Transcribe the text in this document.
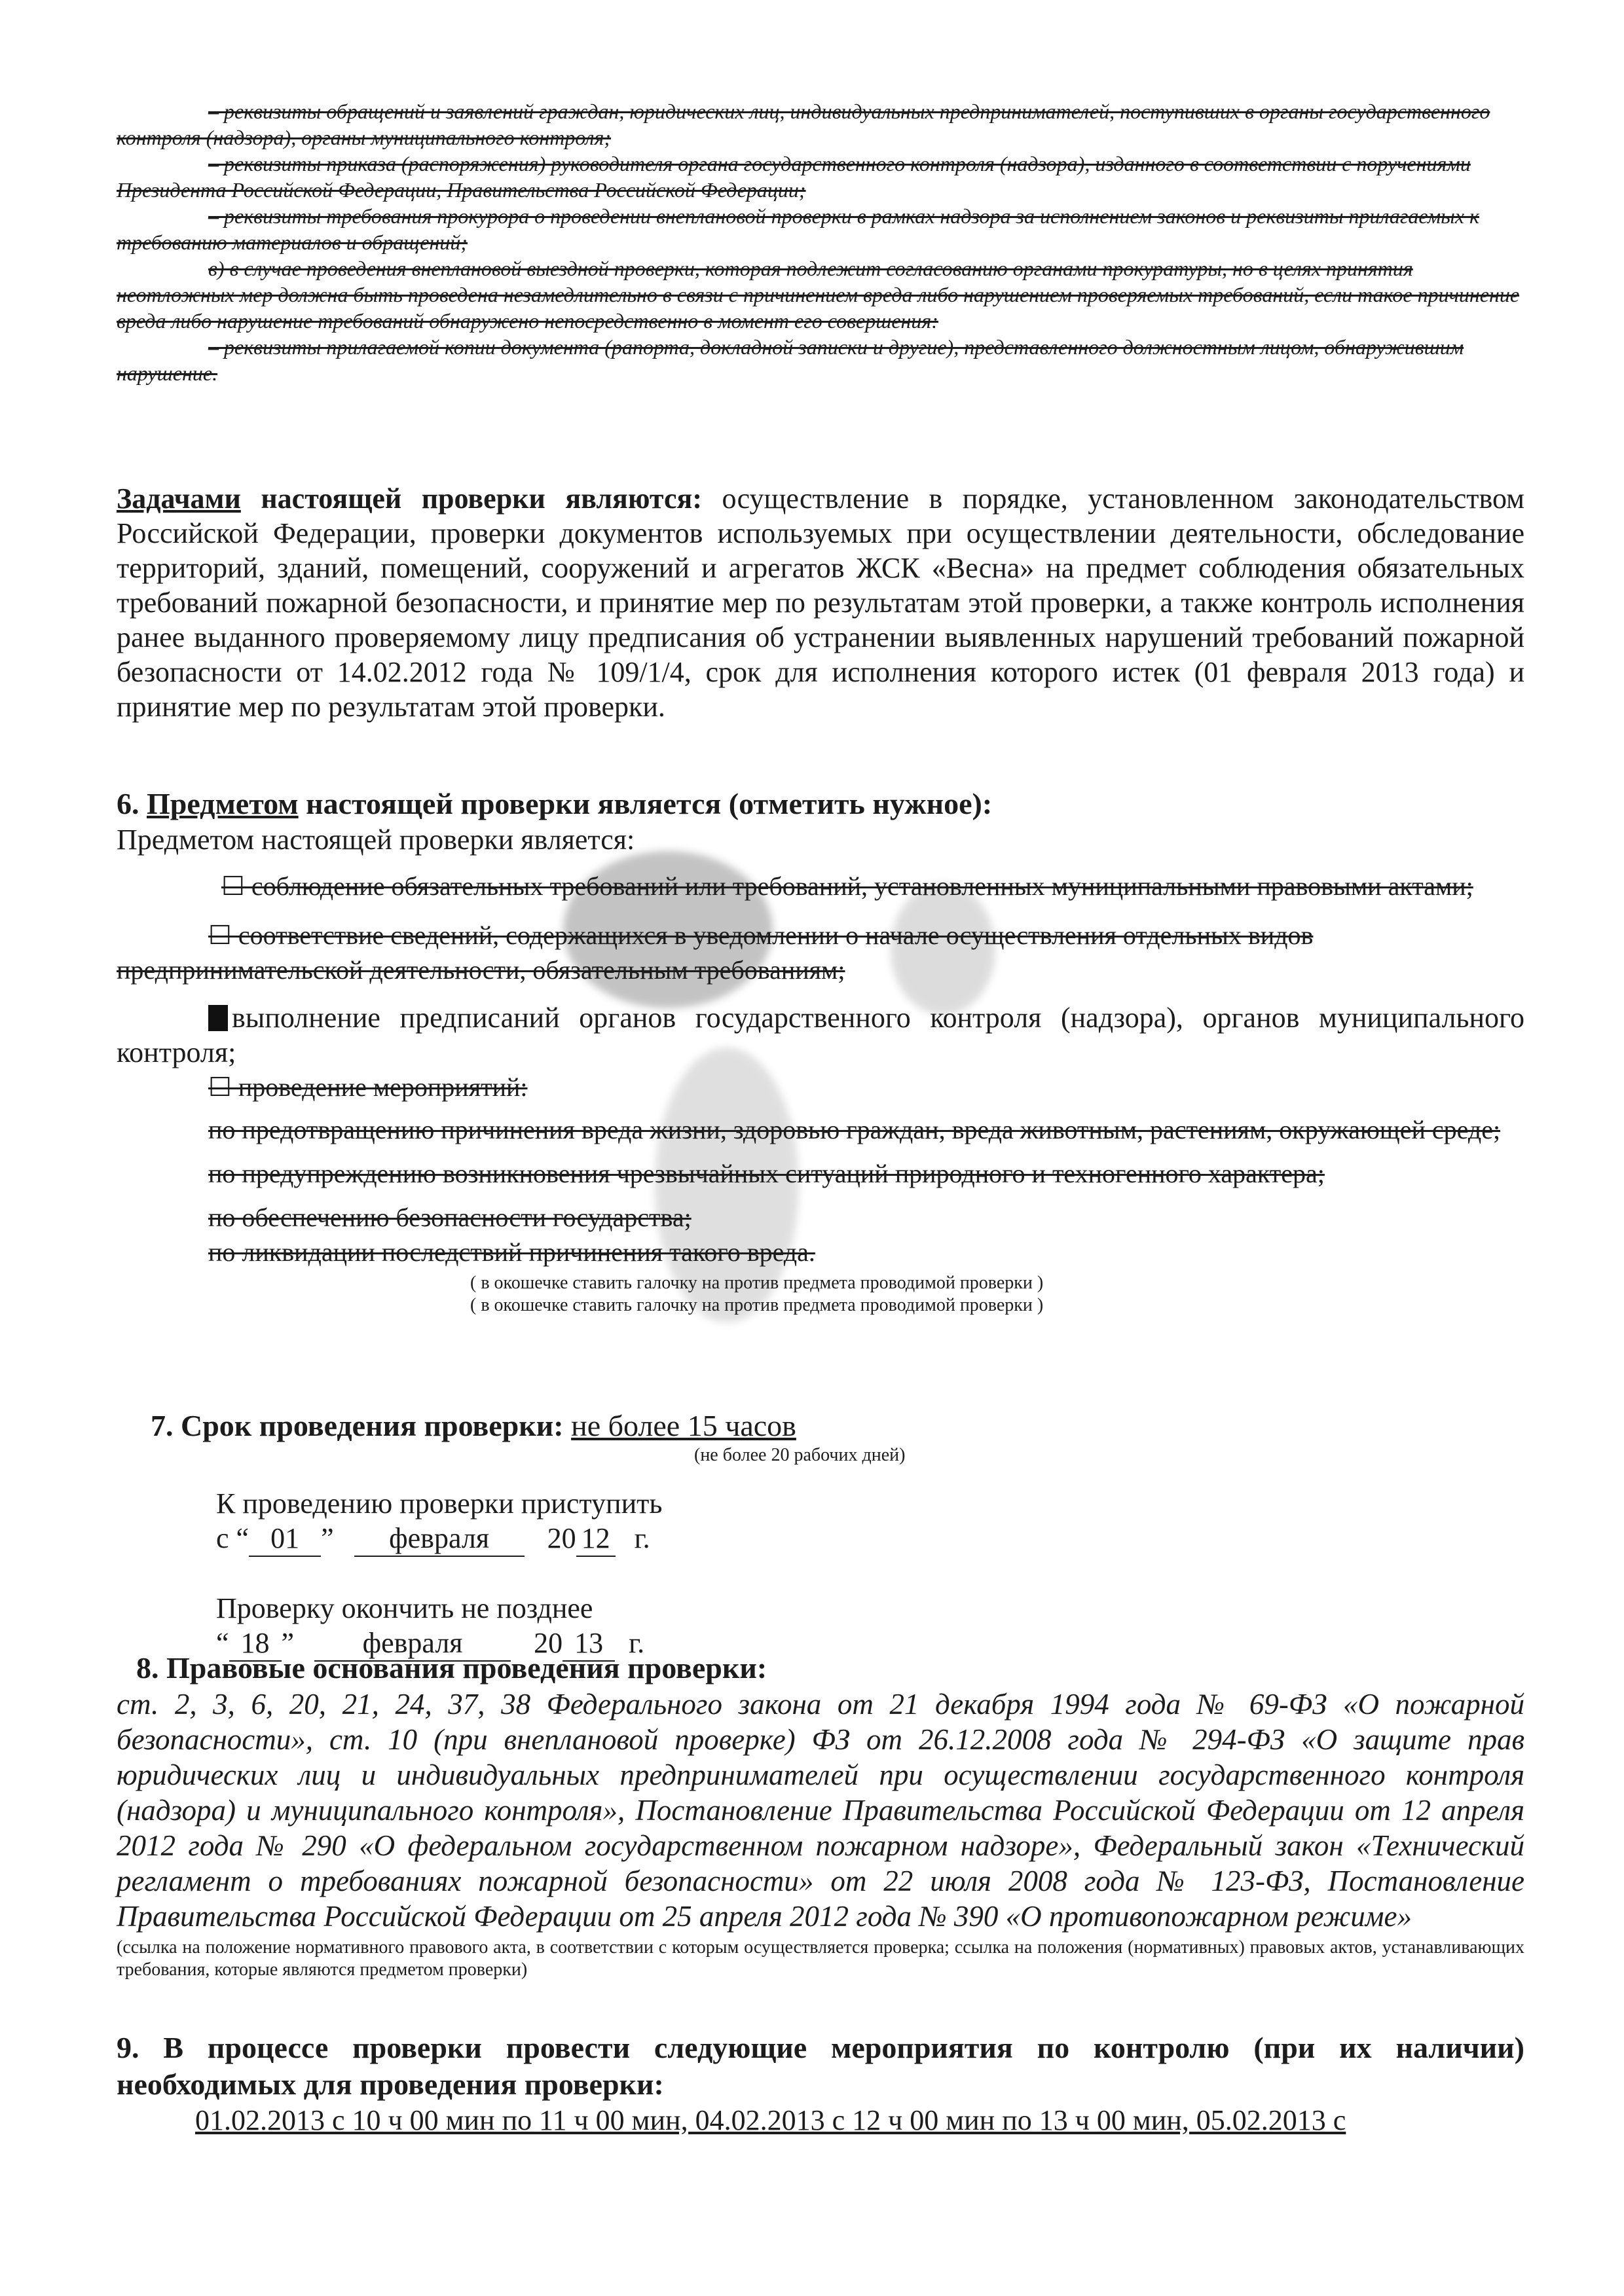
– реквизиты обращений и заявлений граждан, юридических лиц, индивидуальных предпринимателей, поступивших в органы государственного контроля (надзора), органы муниципального контроля;

– реквизиты приказа (распоряжения) руководителя органа государственного контроля (надзора), изданного в соответствии с поручениями Президента Российской Федерации, Правительства Российской Федерации;

– реквизиты требования прокурора о проведении внеплановой проверки в рамках надзора за исполнением законов и реквизиты прилагаемых к требованию материалов и обращений;

в) в случае проведения внеплановой выездной проверки, которая подлежит согласованию органами прокуратуры, но в целях принятия неотложных мер должна быть проведена незамедлительно в связи с причинением вреда либо нарушением проверяемых требований, если такое причинение вреда либо нарушение требований обнаружено непосредственно в момент его совершения:

– реквизиты прилагаемой копии документа (рапорта, докладной записки и другие), представленного должностным лицом, обнаружившим нарушение.

Задачами настоящей проверки являются: осуществление в порядке, установленном законодательством Российской Федерации, проверки документов используемых при осуществлении деятельности, обследование территорий, зданий, помещений, сооружений и агрегатов ЖСК «Весна» на предмет соблюдения обязательных требований пожарной безопасности, и принятие мер по результатам этой проверки, а также контроль исполнения ранее выданного проверяемому лицу предписания об устранении выявленных нарушений требований пожарной безопасности от 14.02.2012 года № 109/1/4, срок для исполнения которого истек (01 февраля 2013 года) и принятие мер по результатам этой проверки.

6. Предметом настоящей проверки является (отметить нужное):

Предметом настоящей проверки является:

☐ соблюдение обязательных требований или требований, установленных муниципальными правовыми актами;

☐ соответствие сведений, содержащихся в уведомлении о начале осуществления отдельных видов предпринимательской деятельности, обязательным требованиям;

выполнение предписаний органов государственного контроля (надзора), органов муниципального контроля;

☐ проведение мероприятий:

по предотвращению причинения вреда жизни, здоровью граждан, вреда животным, растениям, окружающей среде;

по предупреждению возникновения чрезвычайных ситуаций природного и техногенного характера;

по обеспечению безопасности государства;

по ликвидации последствий причинения такого вреда.

( в окошечке ставить галочку на против предмета проводимой проверки )

( в окошечке ставить галочку на против предмета проводимой проверки )

7. Срок проведения проверки: не более 15 часов

(не более 20 рабочих дней)

К проведению проверки приступить

с “ 01 ” февраля 20 12 г.

Проверку окончить не позднее

“ 18 ” февраля 20 13 г.

8. Правовые основания проведения проверки:

ст. 2, 3, 6, 20, 21, 24, 37, 38 Федерального закона от 21 декабря 1994 года № 69-ФЗ «О пожарной безопасности», ст. 10 (при внеплановой проверке) ФЗ от 26.12.2008 года № 294-ФЗ «О защите прав юридических лиц и индивидуальных предпринимателей при осуществлении государственного контроля (надзора) и муниципального контроля», Постановление Правительства Российской Федерации от 12 апреля 2012 года № 290 «О федеральном государственном пожарном надзоре», Федеральный закон «Технический регламент о требованиях пожарной безопасности» от 22 июля 2008 года № 123-ФЗ, Постановление Правительства Российской Федерации от 25 апреля 2012 года № 390 «О противопожарном режиме»

(ссылка на положение нормативного правового акта, в соответствии с которым осуществляется проверка; ссылка на положения (нормативных) правовых актов, устанавливающих требования, которые являются предметом проверки)

9. В процессе проверки провести следующие мероприятия по контролю (при их наличии) необходимых для проведения проверки:

01.02.2013 с 10 ч 00 мин по 11 ч 00 мин, 04.02.2013 с 12 ч 00 мин по 13 ч 00 мин, 05.02.2013 с
